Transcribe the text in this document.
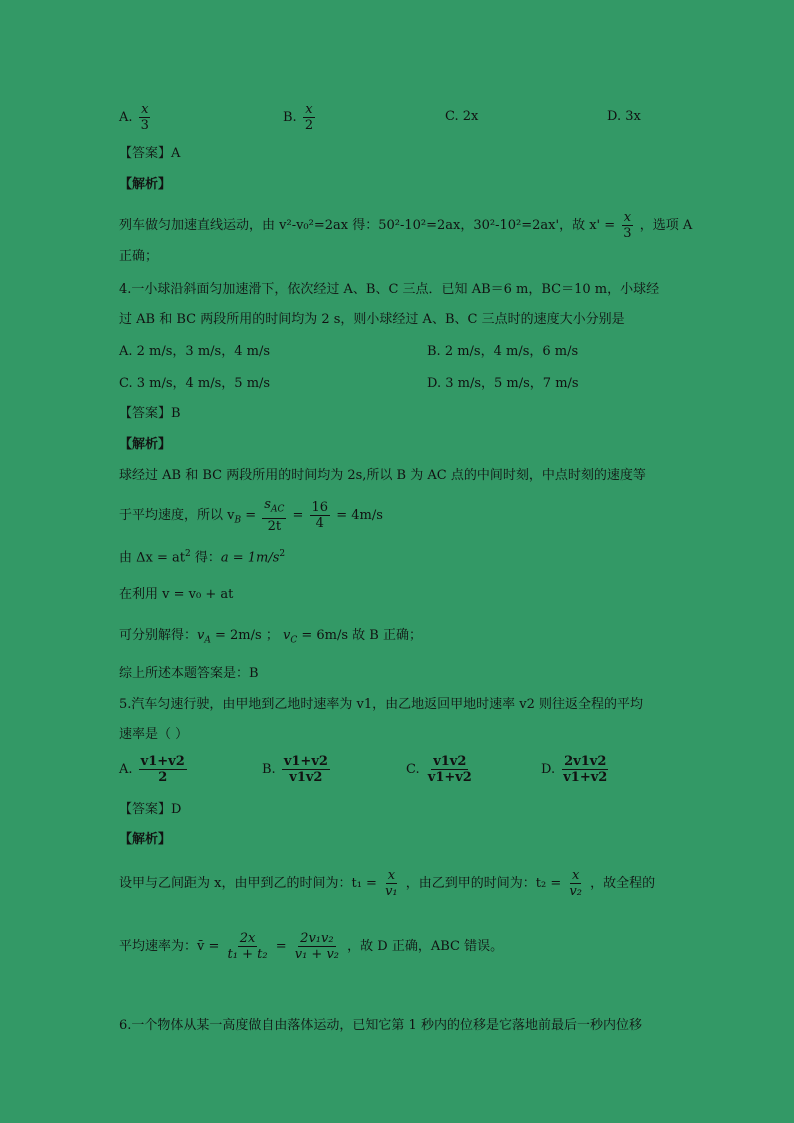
A. $\frac{x}{3}$	B. $\frac{x}{2}$	C. 2x	D. 3x
【答案】A
【解析】
列车做匀加速直线运动，由 v²-v₀²=2ax 得：50²-10²=2ax，30²-10²=2ax'，故 $x' = \frac{x}{3}$ ，选项 A
正确；
4.一小球沿斜面匀加速滑下，依次经过 A、B、C 三点．已知 AB＝6 m，BC＝10 m，小球经
过 AB 和 BC 两段所用的时间均为 2 s，则小球经过 A、B、C 三点时的速度大小分别是
A. 2 m/s，3 m/s，4 m/s	B. 2 m/s，4 m/s，6 m/s
C. 3 m/s，4 m/s，5 m/s	D. 3 m/s，5 m/s，7 m/s
【答案】B
【解析】
球经过 AB 和 BC 两段所用的时间均为 2s,所以 B 为 AC 点的中间时刻，中点时刻的速度等
于平均速度，所以 $v_B = \frac{s_{AC}}{2t} = \frac{16}{4} = 4m/s$
由 $\Delta x = at^2$ 得：$a = 1m/s^2$
在利用 v = v₀ + at
可分别解得：$v_A = 2m/s$ ； $v_C = 6m/s$ 故 B 正确；
综上所述本题答案是：B
5.汽车匀速行驶，由甲地到乙地时速率为 v1，由乙地返回甲地时速率 v2 则往返全程的平均
速率是（ ）
A. $\frac{v1+v2}{2}$	B. $\frac{v1+v2}{v1v2}$	C. $\frac{v1v2}{v1+v2}$	D. $\frac{2v1v2}{v1+v2}$
【答案】D
【解析】
设甲与乙间距为 x，由甲到乙的时间为：$t_1 = \frac{x}{\text{v₁}}$ ，由乙到甲的时间为：$t_2 = \frac{x}{\text{v₂}}$ ，故全程的
平均速率为：v̄ = $\frac{2x}{\text{t₁ + t₂}} = \frac{\text{2v₁v₂}}{\text{v₁ + v₂}}$ ，故 D 正确，ABC 错误。
6.一个物体从某一高度做自由落体运动，已知它第 1 秒内的位移是它落地前最后一秒内位移
